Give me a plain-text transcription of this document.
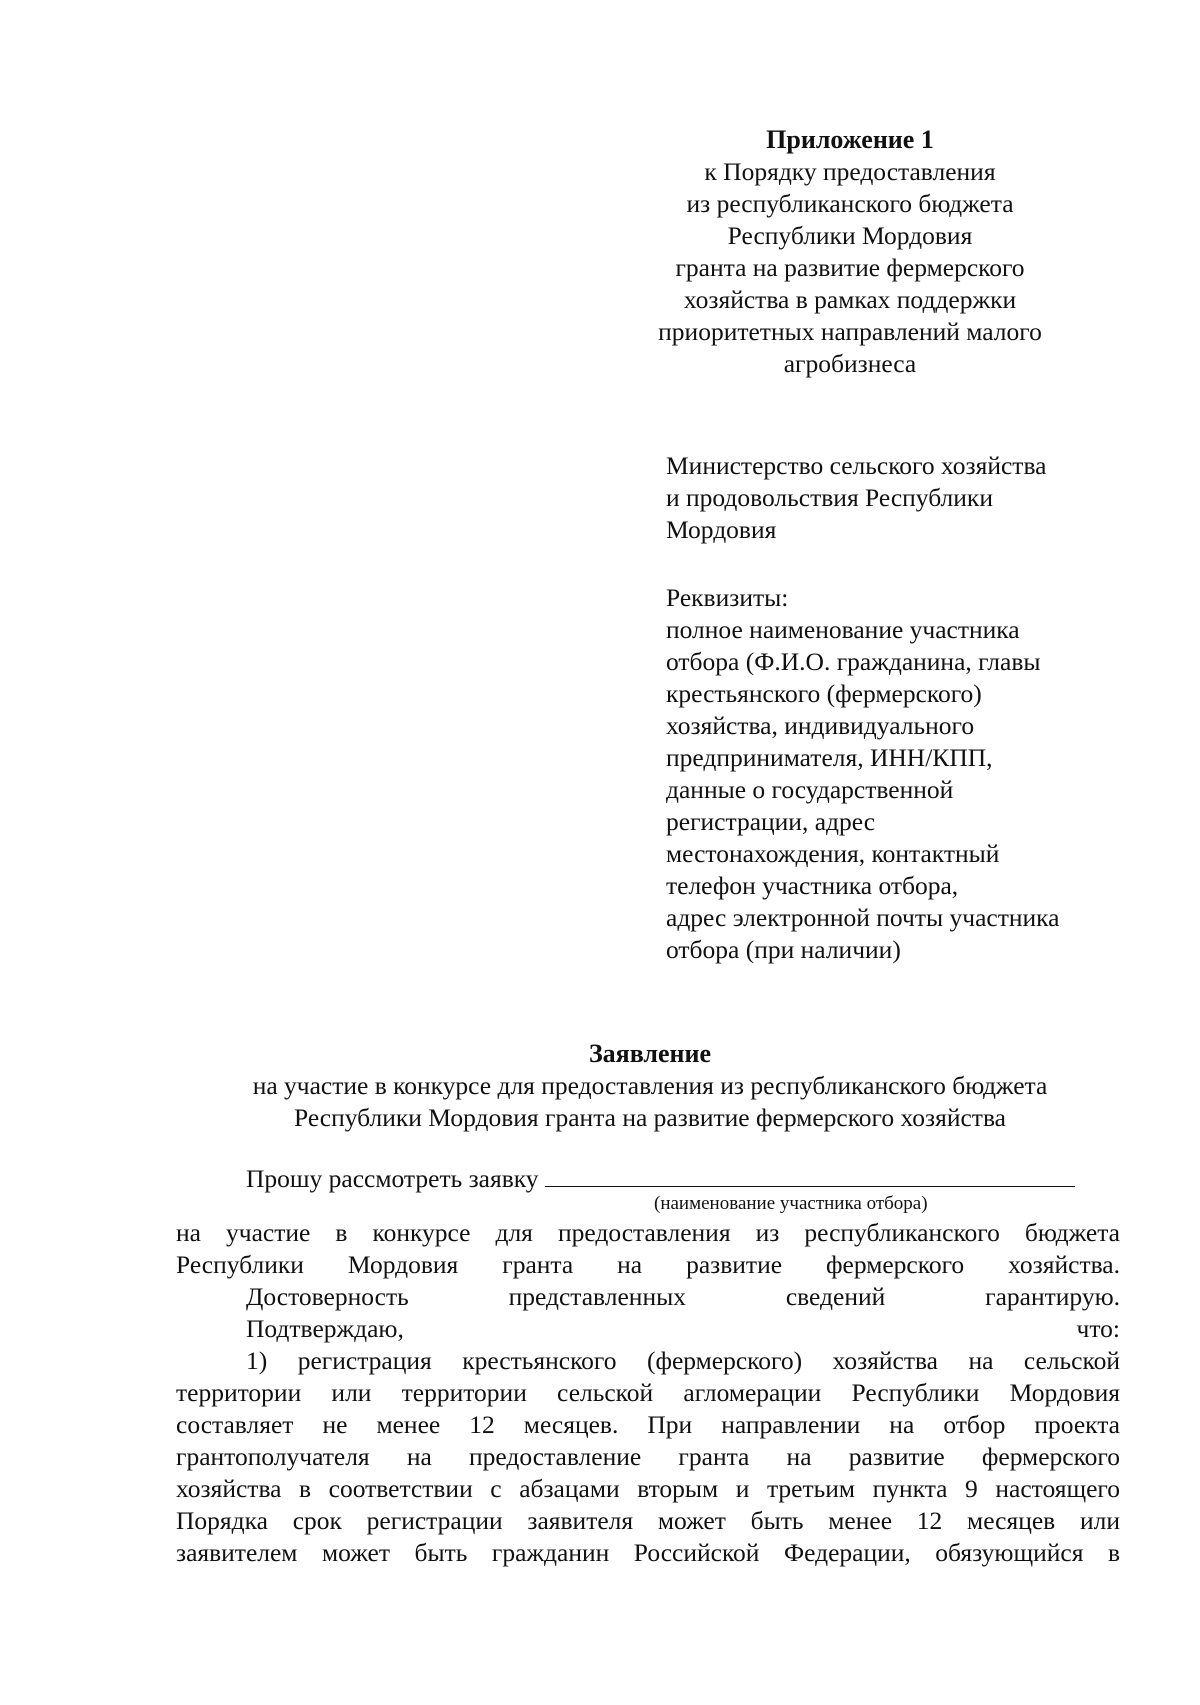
Приложение 1
к Порядку предоставления
из республиканского бюджета
Республики Мордовия
гранта на развитие фермерского
хозяйства в рамках поддержки
приоритетных направлений малого
агробизнеса
Министерство сельского хозяйства
и продовольствия Республики
Мордовия
Реквизиты:
полное наименование участника
отбора (Ф.И.О. гражданина, главы
крестьянского (фермерского)
хозяйства, индивидуального
предпринимателя, ИНН/КПП,
данные о государственной
регистрации, адрес
местонахождения, контактный
телефон участника отбора,
адрес электронной почты участника
отбора (при наличии)
Заявление
на участие в конкурсе для предоставления из республиканского бюджета
Республики Мордовия гранта на развитие фермерского хозяйства
Прошу рассмотреть заявку
(наименование участника отбора)

на участие в конкурсе для предоставления из республиканского бюджета

Республики Мордовия гранта на развитие фермерского хозяйства.

Достоверность представленных сведений гарантирую.

Подтверждаю, что:

1) регистрация крестьянского (фермерского) хозяйства на сельской

территории или территории сельской агломерации Республики Мордовия

составляет не менее 12 месяцев. При направлении на отбор проекта

грантополучателя на предоставление гранта на развитие фермерского

хозяйства в соответствии с абзацами вторым и третьим пункта 9 настоящего

Порядка срок регистрации заявителя может быть менее 12 месяцев или

заявителем может быть гражданин Российской Федерации, обязующийся в
